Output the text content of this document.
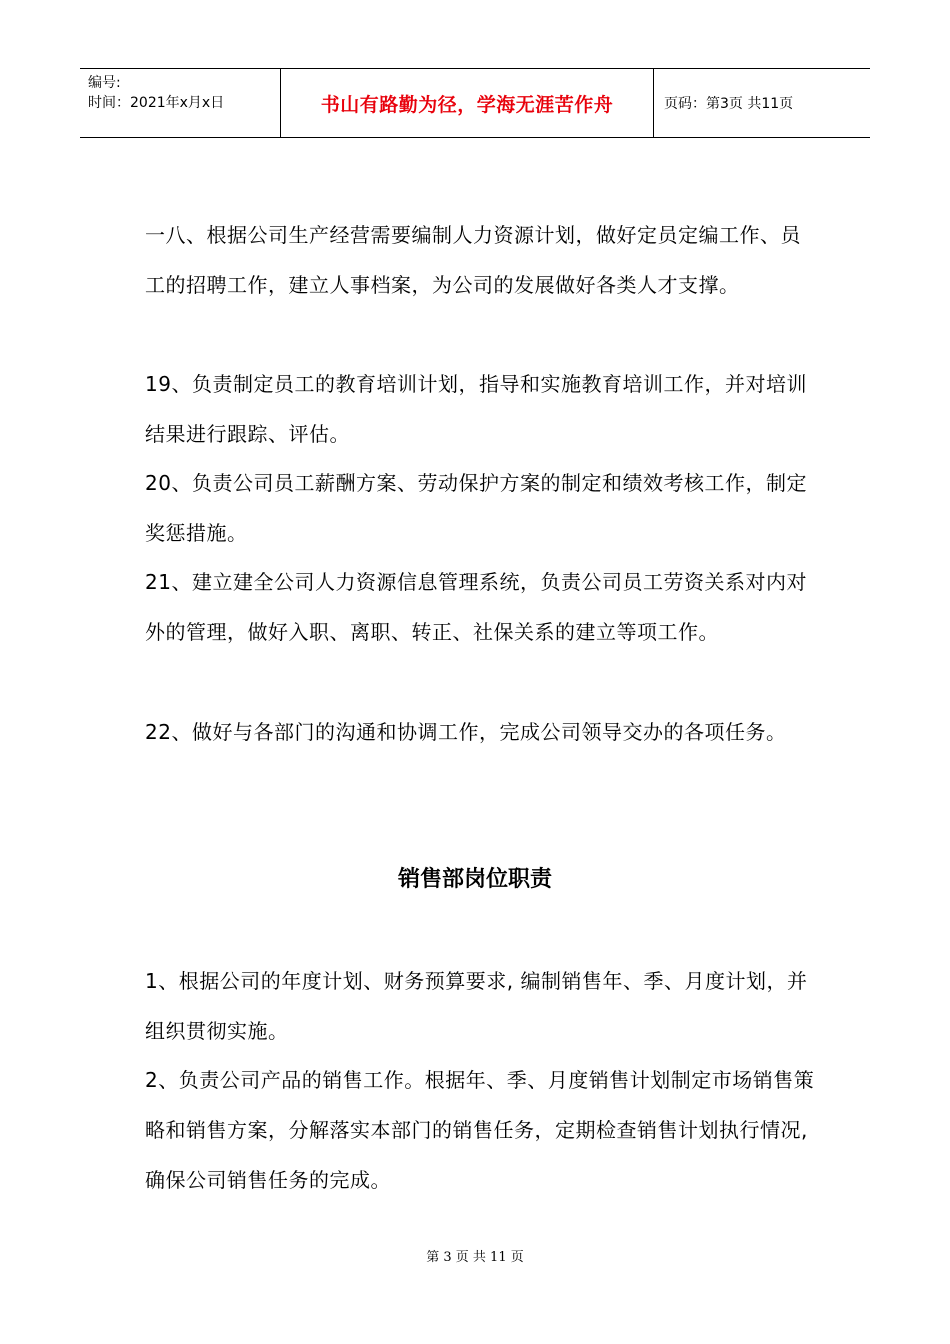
编号:
时间：2021年x月x日	书山有路勤为径，学海无涯苦作舟	页码：第3页 共11页
一八、根据公司生产经营需要编制人力资源计划，做好定员定编工作、员工的招聘工作，建立人事档案，为公司的发展做好各类人才支撑。
19、负责制定员工的教育培训计划，指导和实施教育培训工作，并对培训结果进行跟踪、评估。
20、负责公司员工薪酬方案、劳动保护方案的制定和绩效考核工作，制定奖惩措施。
21、建立建全公司人力资源信息管理系统，负责公司员工劳资关系对内对外的管理，做好入职、离职、转正、社保关系的建立等项工作。
22、做好与各部门的沟通和协调工作，完成公司领导交办的各项任务。
销售部岗位职责
1、根据公司的年度计划、财务预算要求, 编制销售年、季、月度计划，并组织贯彻实施。
2、负责公司产品的销售工作。根据年、季、月度销售计划制定市场销售策略和销售方案，分解落实本部门的销售任务，定期检查销售计划执行情况,确保公司销售任务的完成。
第 3 页 共 11 页
